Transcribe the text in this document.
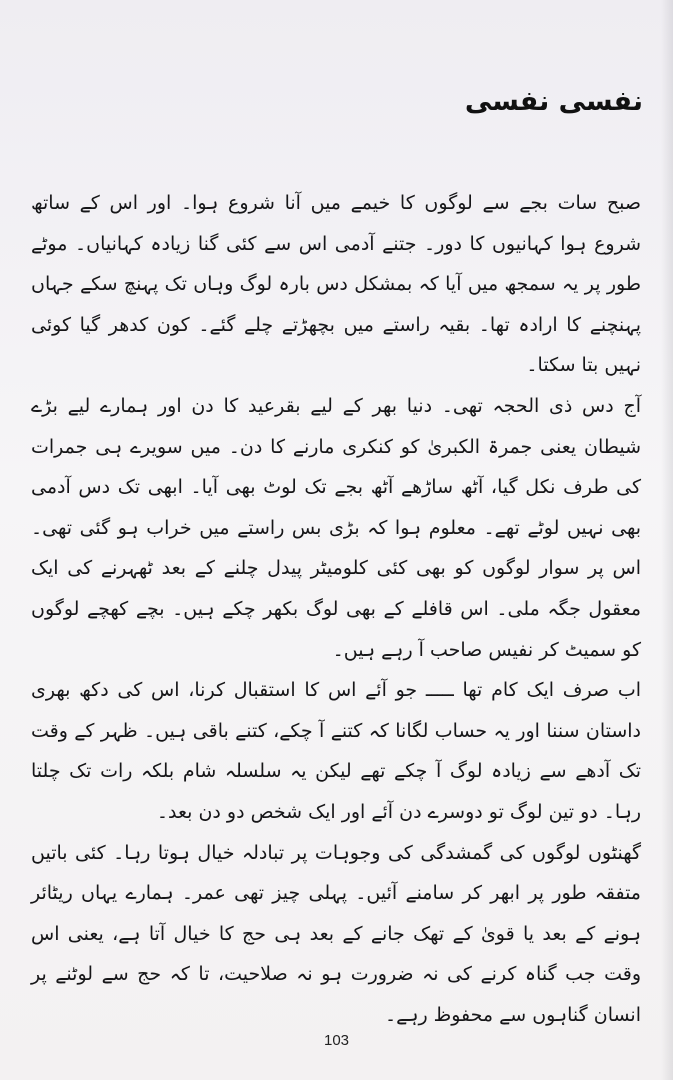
نفسی نفسی

صبح سات بجے سے لوگوں کا خیمے میں آنا شروع ہوا۔ اور اس کے ساتھ شروع ہوا کہانیوں کا دور۔ جتنے آدمی اس سے کئی گنا زیادہ کہانیاں۔ موٹے طور پر یہ سمجھ میں آیا کہ بمشکل دس بارہ لوگ وہاں تک پہنچ سکے جہاں پہنچنے کا ارادہ تھا۔ بقیہ راستے میں بچھڑتے چلے گئے۔ کون کدھر گیا کوئی نہیں بتا سکتا۔

آج دس ذی الحجہ تھی۔ دنیا بھر کے لیے بقرعید کا دن اور ہمارے لیے بڑے شیطان یعنی جمرۃ الکبریٰ کو کنکری مارنے کا دن۔ میں سویرے ہی جمرات کی طرف نکل گیا، آٹھ ساڑھے آٹھ بجے تک لوٹ بھی آیا۔ ابھی تک دس آدمی بھی نہیں لوٹے تھے۔ معلوم ہوا کہ بڑی بس راستے میں خراب ہو گئی تھی۔ اس پر سوار لوگوں کو بھی کئی کلومیٹر پیدل چلنے کے بعد ٹھہرنے کی ایک معقول جگہ ملی۔ اس قافلے کے بھی لوگ بکھر چکے ہیں۔ بچے کھچے لوگوں کو سمیٹ کر نفیس صاحب آ رہے ہیں۔

اب صرف ایک کام تھا ـــــ جو آئے اس کا استقبال کرنا، اس کی دکھ بھری داستان سننا اور یہ حساب لگانا کہ کتنے آ چکے، کتنے باقی ہیں۔ ظہر کے وقت تک آدھے سے زیادہ لوگ آ چکے تھے لیکن یہ سلسلہ شام بلکہ رات تک چلتا رہا۔ دو تین لوگ تو دوسرے دن آئے اور ایک شخص دو دن بعد۔

گھنٹوں لوگوں کی گمشدگی کی وجوہات پر تبادلہ خیال ہوتا رہا۔ کئی باتیں متفقہ طور پر ابھر کر سامنے آئیں۔ پہلی چیز تھی عمر۔ ہمارے یہاں ریٹائر ہونے کے بعد یا قویٰ کے تھک جانے کے بعد ہی حج کا خیال آتا ہے، یعنی اس وقت جب گناہ کرنے کی نہ ضرورت ہو نہ صلاحیت، تا کہ حج سے لوٹنے پر انسان گناہوں سے محفوظ رہے۔

103
